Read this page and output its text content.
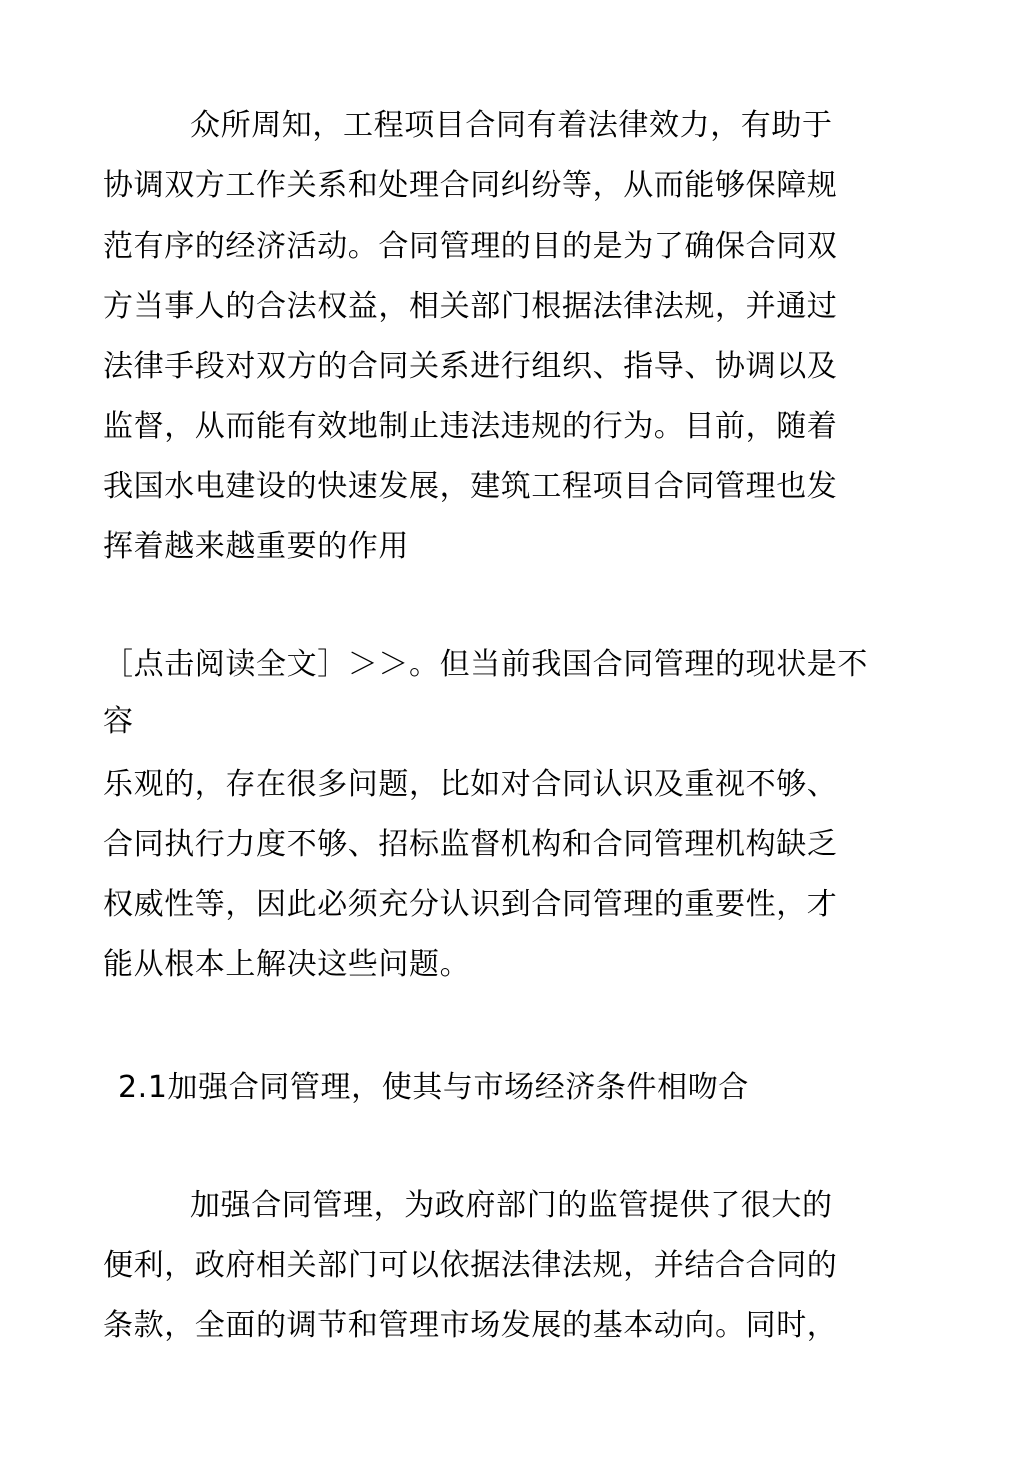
众所周知，工程项目合同有着法律效力，有助于
协调双方工作关系和处理合同纠纷等，从而能够保障规
范有序的经济活动。合同管理的目的是为了确保合同双
方当事人的合法权益，相关部门根据法律法规，并通过
法律手段对双方的合同关系进行组织、指导、协调以及
监督，从而能有效地制止违法违规的行为。目前，随着
我国水电建设的快速发展，建筑工程项目合同管理也发
挥着越来越重要的作用
［点击阅读全文］＞＞。但当前我国合同管理的现状是不
容
乐观的，存在很多问题，比如对合同认识及重视不够、
合同执行力度不够、招标监督机构和合同管理机构缺乏
权威性等，因此必须充分认识到合同管理的重要性，才
能从根本上解决这些问题。
2.1加强合同管理，使其与市场经济条件相吻合
加强合同管理，为政府部门的监管提供了很大的
便利，政府相关部门可以依据法律法规，并结合合同的
条款，全面的调节和管理市场发展的基本动向。同时，
